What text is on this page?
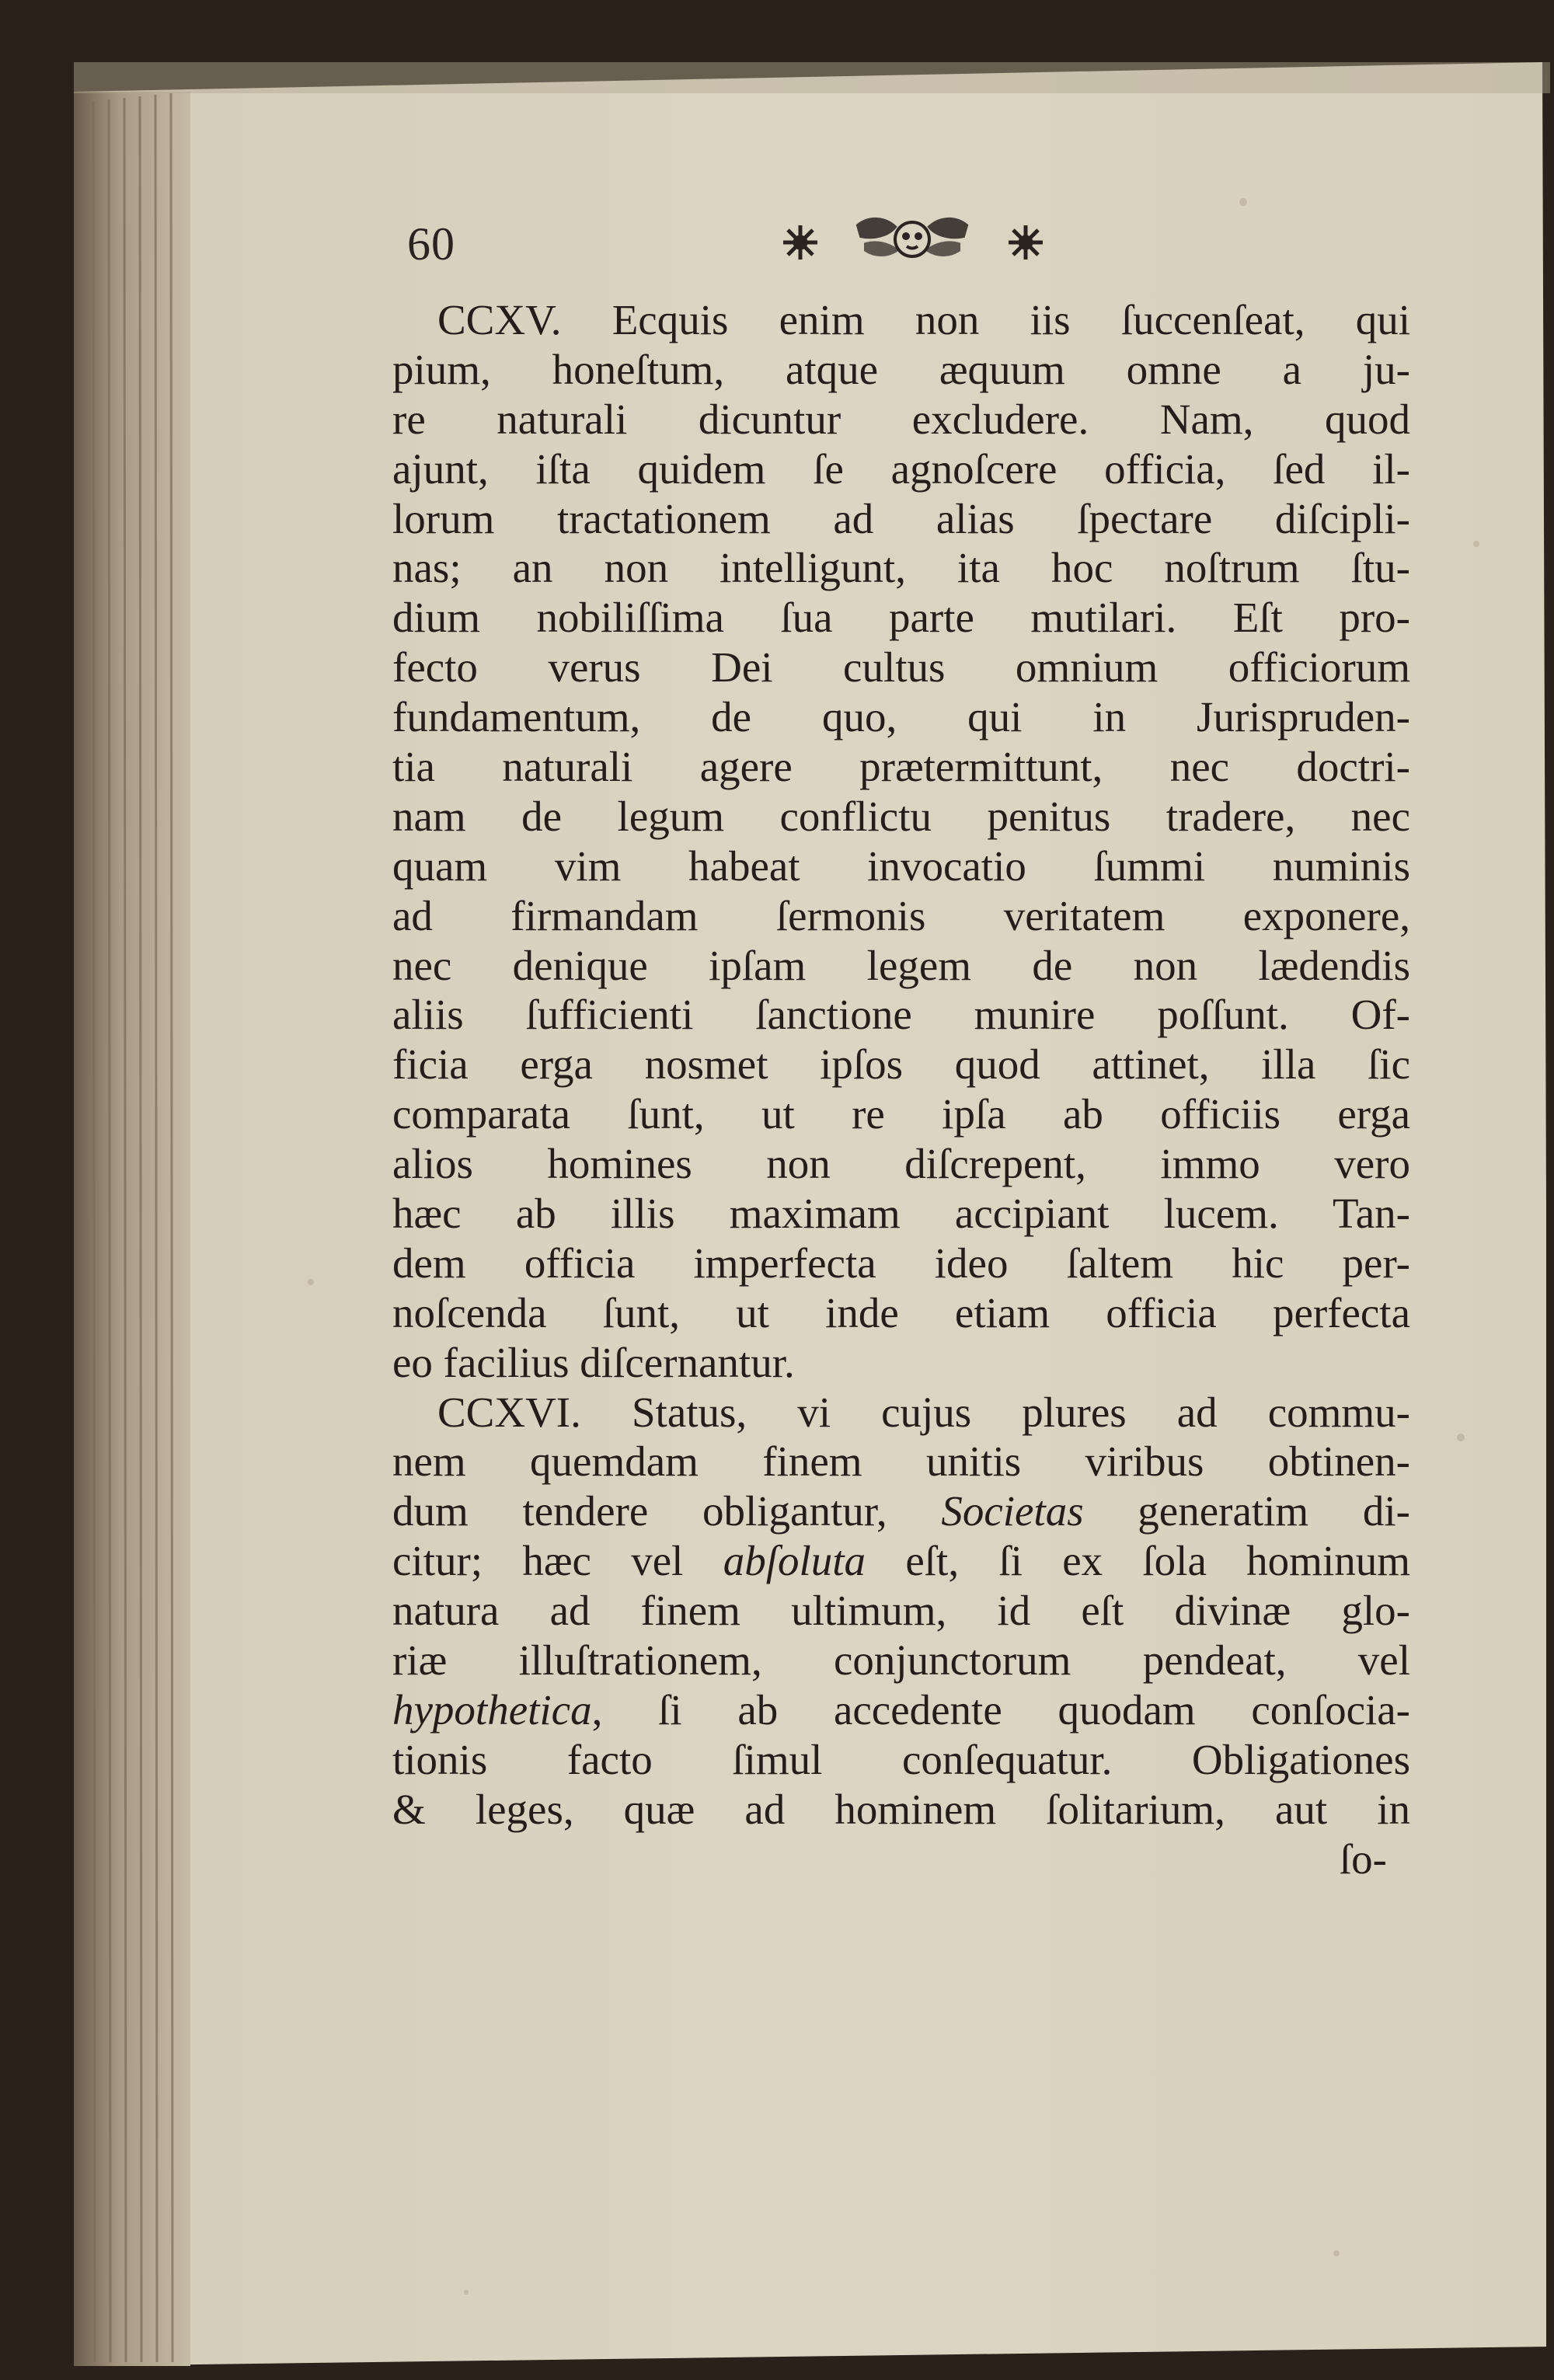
60
CCXV. Ecquis enim non iis ſuccenſeat, qui
pium, honeſtum, atque æquum omne a ju-
re naturali dicuntur excludere. Nam, quod
ajunt, iſta quidem ſe agnoſcere officia, ſed il-
lorum tractationem ad alias ſpectare diſcipli-
nas; an non intelligunt, ita hoc noſtrum ſtu-
dium nobiliſſima ſua parte mutilari. Eſt pro-
fecto verus Dei cultus omnium officiorum
fundamentum, de quo, qui in Jurispruden-
tia naturali agere prætermittunt, nec doctri-
nam de legum conflictu penitus tradere, nec
quam vim habeat invocatio ſummi numinis
ad firmandam ſermonis veritatem exponere,
nec denique ipſam legem de non lædendis
aliis ſufficienti ſanctione munire poſſunt. Of-
ficia erga nosmet ipſos quod attinet, illa ſic
comparata ſunt, ut re ipſa ab officiis erga
alios homines non diſcrepent, immo vero
hæc ab illis maximam accipiant lucem. Tan-
dem officia imperfecta ideo ſaltem hic per-
noſcenda ſunt, ut inde etiam officia perfecta
eo facilius diſcernantur.
CCXVI. Status, vi cujus plures ad commu-
nem quemdam finem unitis viribus obtinen-
dum tendere obligantur, Societas generatim di-
citur; hæc vel abſoluta eſt, ſi ex ſola hominum
natura ad finem ultimum, id eſt divinæ glo-
riæ illuſtrationem, conjunctorum pendeat, vel
hypothetica, ſi ab accedente quodam conſocia-
tionis facto ſimul conſequatur. Obligationes
& leges, quæ ad hominem ſolitarium, aut in
ſo-
